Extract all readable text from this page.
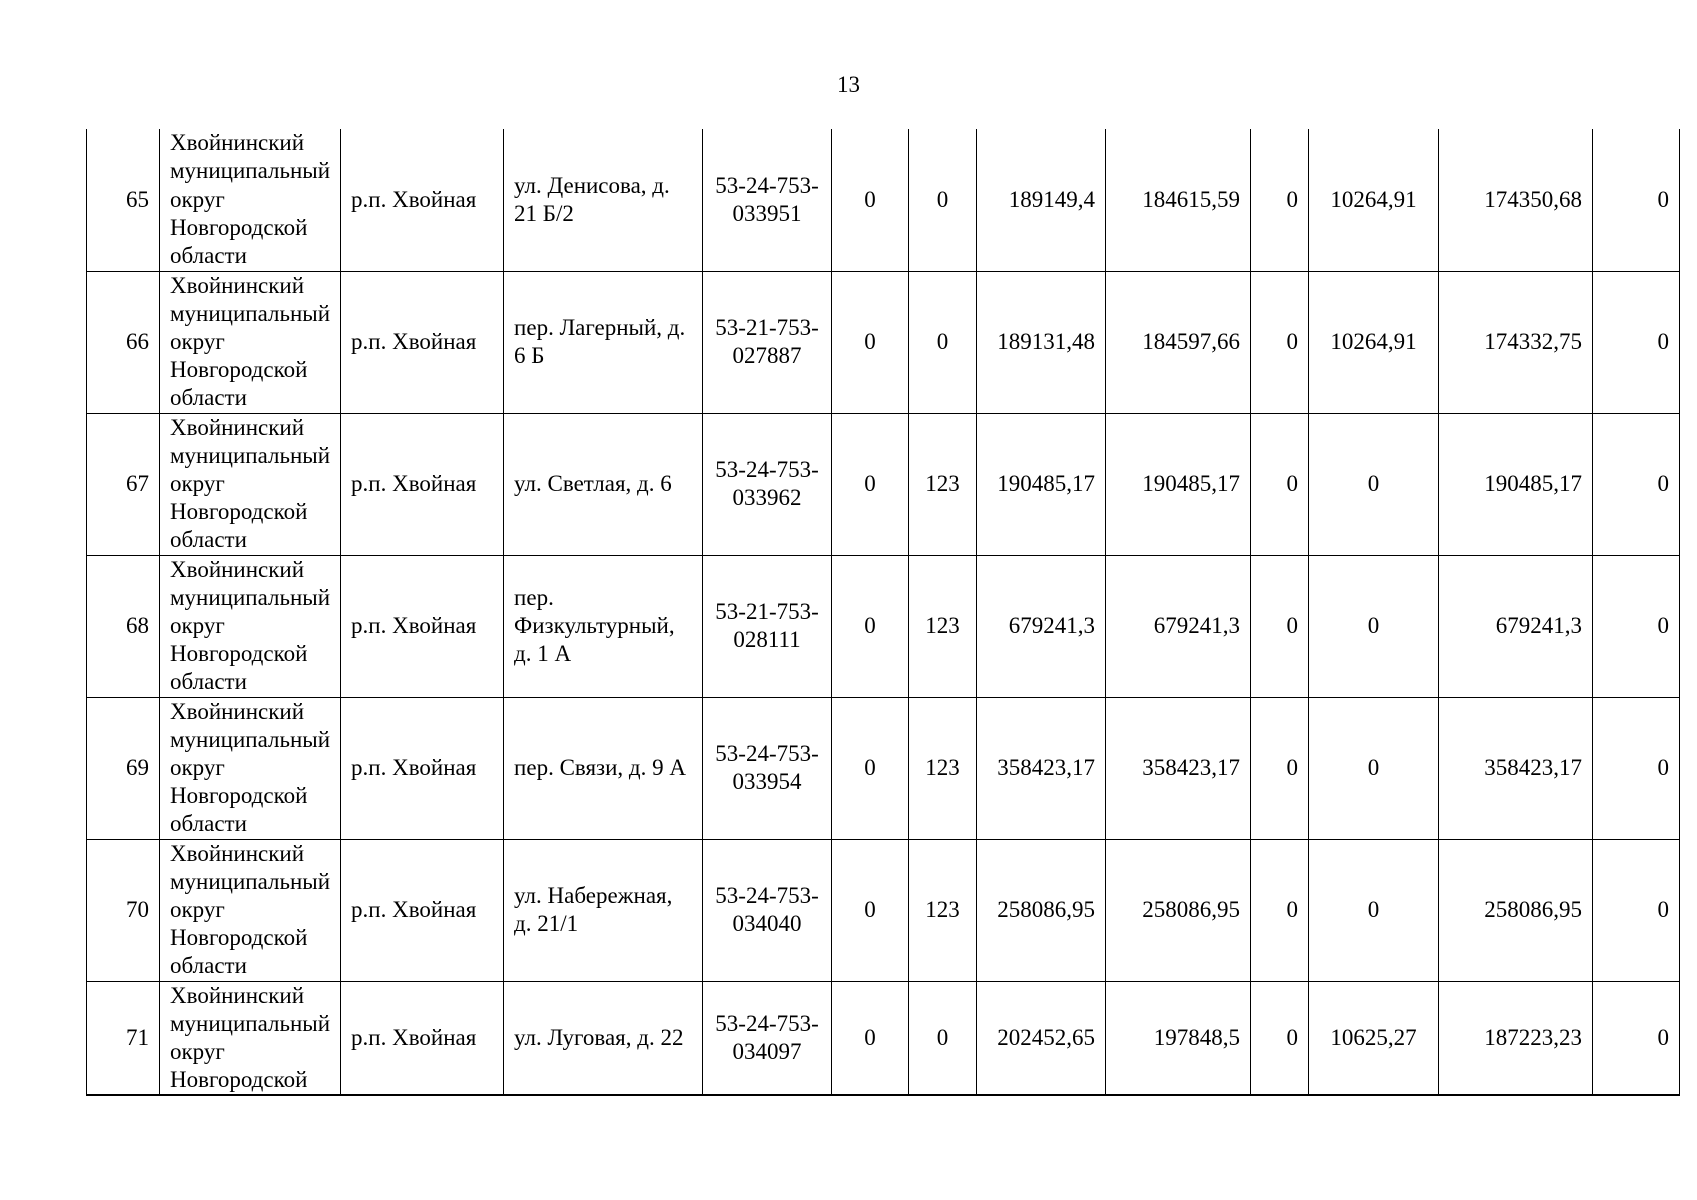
13
65	Хвойнинский муниципальный округ Новгородской области	р.п. Хвойная	ул. Денисова, д. 21 Б/2	53-24-753-033951	0	0	189149,4	184615,59	0	10264,91	174350,68	0
66	Хвойнинский муниципальный округ Новгородской области	р.п. Хвойная	пер. Лагерный, д. 6 Б	53-21-753-027887	0	0	189131,48	184597,66	0	10264,91	174332,75	0
67	Хвойнинский муниципальный округ Новгородской области	р.п. Хвойная	ул. Светлая, д. 6	53-24-753-033962	0	123	190485,17	190485,17	0	0	190485,17	0
68	Хвойнинский муниципальный округ Новгородской области	р.п. Хвойная	пер. Физкультурный, д. 1 А	53-21-753-028111	0	123	679241,3	679241,3	0	0	679241,3	0
69	Хвойнинский муниципальный округ Новгородской области	р.п. Хвойная	пер. Связи, д. 9 А	53-24-753-033954	0	123	358423,17	358423,17	0	0	358423,17	0
70	Хвойнинский муниципальный округ Новгородской области	р.п. Хвойная	ул. Набережная, д. 21/1	53-24-753-034040	0	123	258086,95	258086,95	0	0	258086,95	0
71	Хвойнинский муниципальный округ Новгородской	р.п. Хвойная	ул. Луговая, д. 22	53-24-753-034097	0	0	202452,65	197848,5	0	10625,27	187223,23	0
